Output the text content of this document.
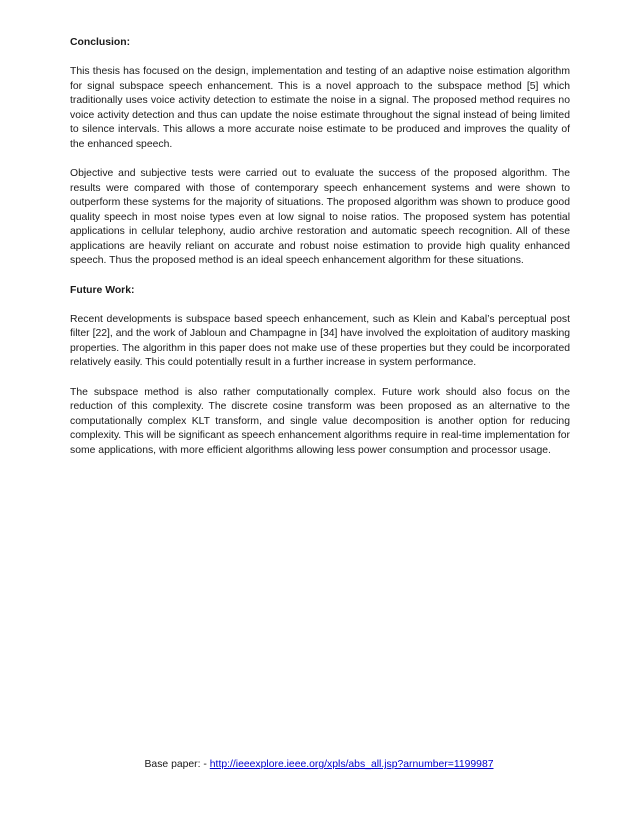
Conclusion:

This thesis has focused on the design, implementation and testing of an adaptive noise estimation algorithm for signal subspace speech enhancement. This is a novel approach to the subspace method [5] which traditionally uses voice activity detection to estimate the noise in a signal. The proposed method requires no voice activity detection and thus can update the noise estimate throughout the signal instead of being limited to silence intervals. This allows a more accurate noise estimate to be produced and improves the quality of the enhanced speech.

Objective and subjective tests were carried out to evaluate the success of the proposed algorithm. The results were compared with those of contemporary speech enhancement systems and were shown to outperform these systems for the majority of situations. The proposed algorithm was shown to produce good quality speech in most noise types even at low signal to noise ratios. The proposed system has potential applications in cellular telephony, audio archive restoration and automatic speech recognition. All of these applications are heavily reliant on accurate and robust noise estimation to provide high quality enhanced speech. Thus the proposed method is an ideal speech enhancement algorithm for these situations.

Future Work:

Recent developments is subspace based speech enhancement, such as Klein and Kabal’s perceptual post filter [22], and the work of Jabloun and Champagne in [34] have involved the exploitation of auditory masking properties. The algorithm in this paper does not make use of these properties but they could be incorporated relatively easily. This could potentially result in a further increase in system performance.

The subspace method is also rather computationally complex. Future work should also focus on the reduction of this complexity. The discrete cosine transform was been proposed as an alternative to the computationally complex KLT transform, and single value decomposition is another option for reducing complexity. This will be significant as speech enhancement algorithms require in real-time implementation for some applications, with more efficient algorithms allowing less power consumption and processor usage.

Base paper: - http://ieeexplore.ieee.org/xpls/abs_all.jsp?arnumber=1199987
